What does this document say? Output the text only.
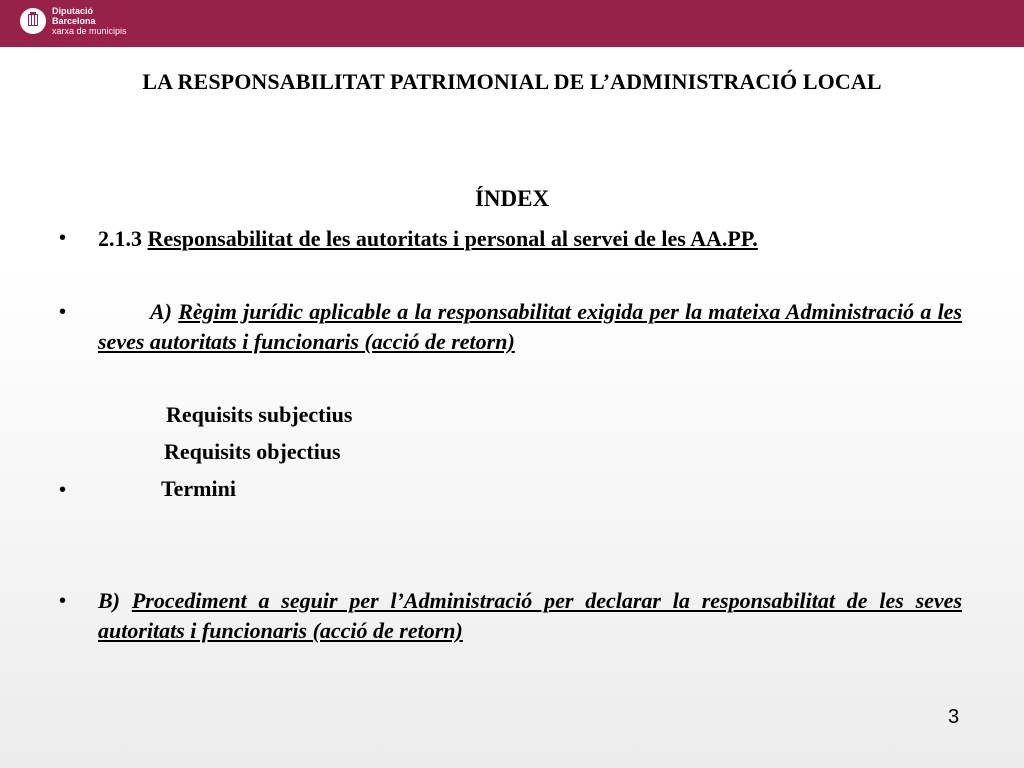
Diputació
Barcelona
xarxa de municipis
LA RESPONSABILITAT PATRIMONIAL DE L’ADMINISTRACIÓ LOCAL
ÍNDEX
• 2.1.3 Responsabilitat de les autoritats i personal al servei de les AA.PP.
•	A) Règim jurídic aplicable a la responsabilitat exigida per la mateixa Administració a les seves autoritats i funcionaris (acció de retorn)
Requisits subjectius
Requisits objectius
•	Termini
• B) Procediment a seguir per l’Administració per declarar la responsabilitat de les seves autoritats i funcionaris (acció de retorn)
3
